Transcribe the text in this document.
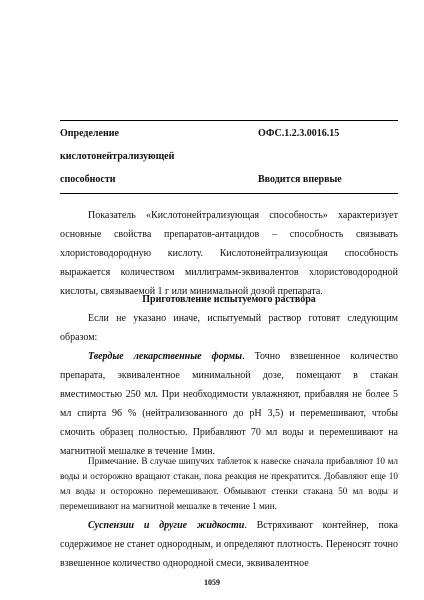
Определение
кислотонейтрализующей
способности
ОФС.1.2.3.0016.15
Вводится впервые
Показатель «Кислотонейтрализующая способность» характеризует основные свойства препаратов-антацидов – способность связывать хлористоводородную кислоту. Кислотонейтрализующая способность выражается количеством миллиграмм-эквивалентов хлористоводородной кислоты, связываемой 1 г или минимальной дозой препарата.
Приготовление испытуемого раствора
Если не указано иначе, испытуемый раствор готовят следующим образом:
Твердые лекарственные формы. Точно взвешенное количество препарата, эквивалентное минимальной дозе, помещают в стакан вместимостью 250 мл. При необходимости увлажняют, прибавляя не более 5 мл спирта 96 % (нейтрализованного до pH 3,5) и перемешивают, чтобы смочить образец полностью. Прибавляют 70 мл воды и перемешивают на магнитной мешалке в течение 1мин.
Примечание. В случае шипучих таблеток к навеске сначала прибавляют 10 мл воды и осторожно вращают стакан, пока реакция не прекратится. Добавляют еще 10 мл воды и осторожно перемешивают. Обмывают стенки стакана 50 мл воды и перемешивают на магнитной мешалке в течение 1 мин.
Суспензии и другие жидкости. Встряхивают контейнер, пока содержимое не станет однородным, и определяют плотность. Переносят точно взвешенное количество однородной смеси, эквивалентное
1059
